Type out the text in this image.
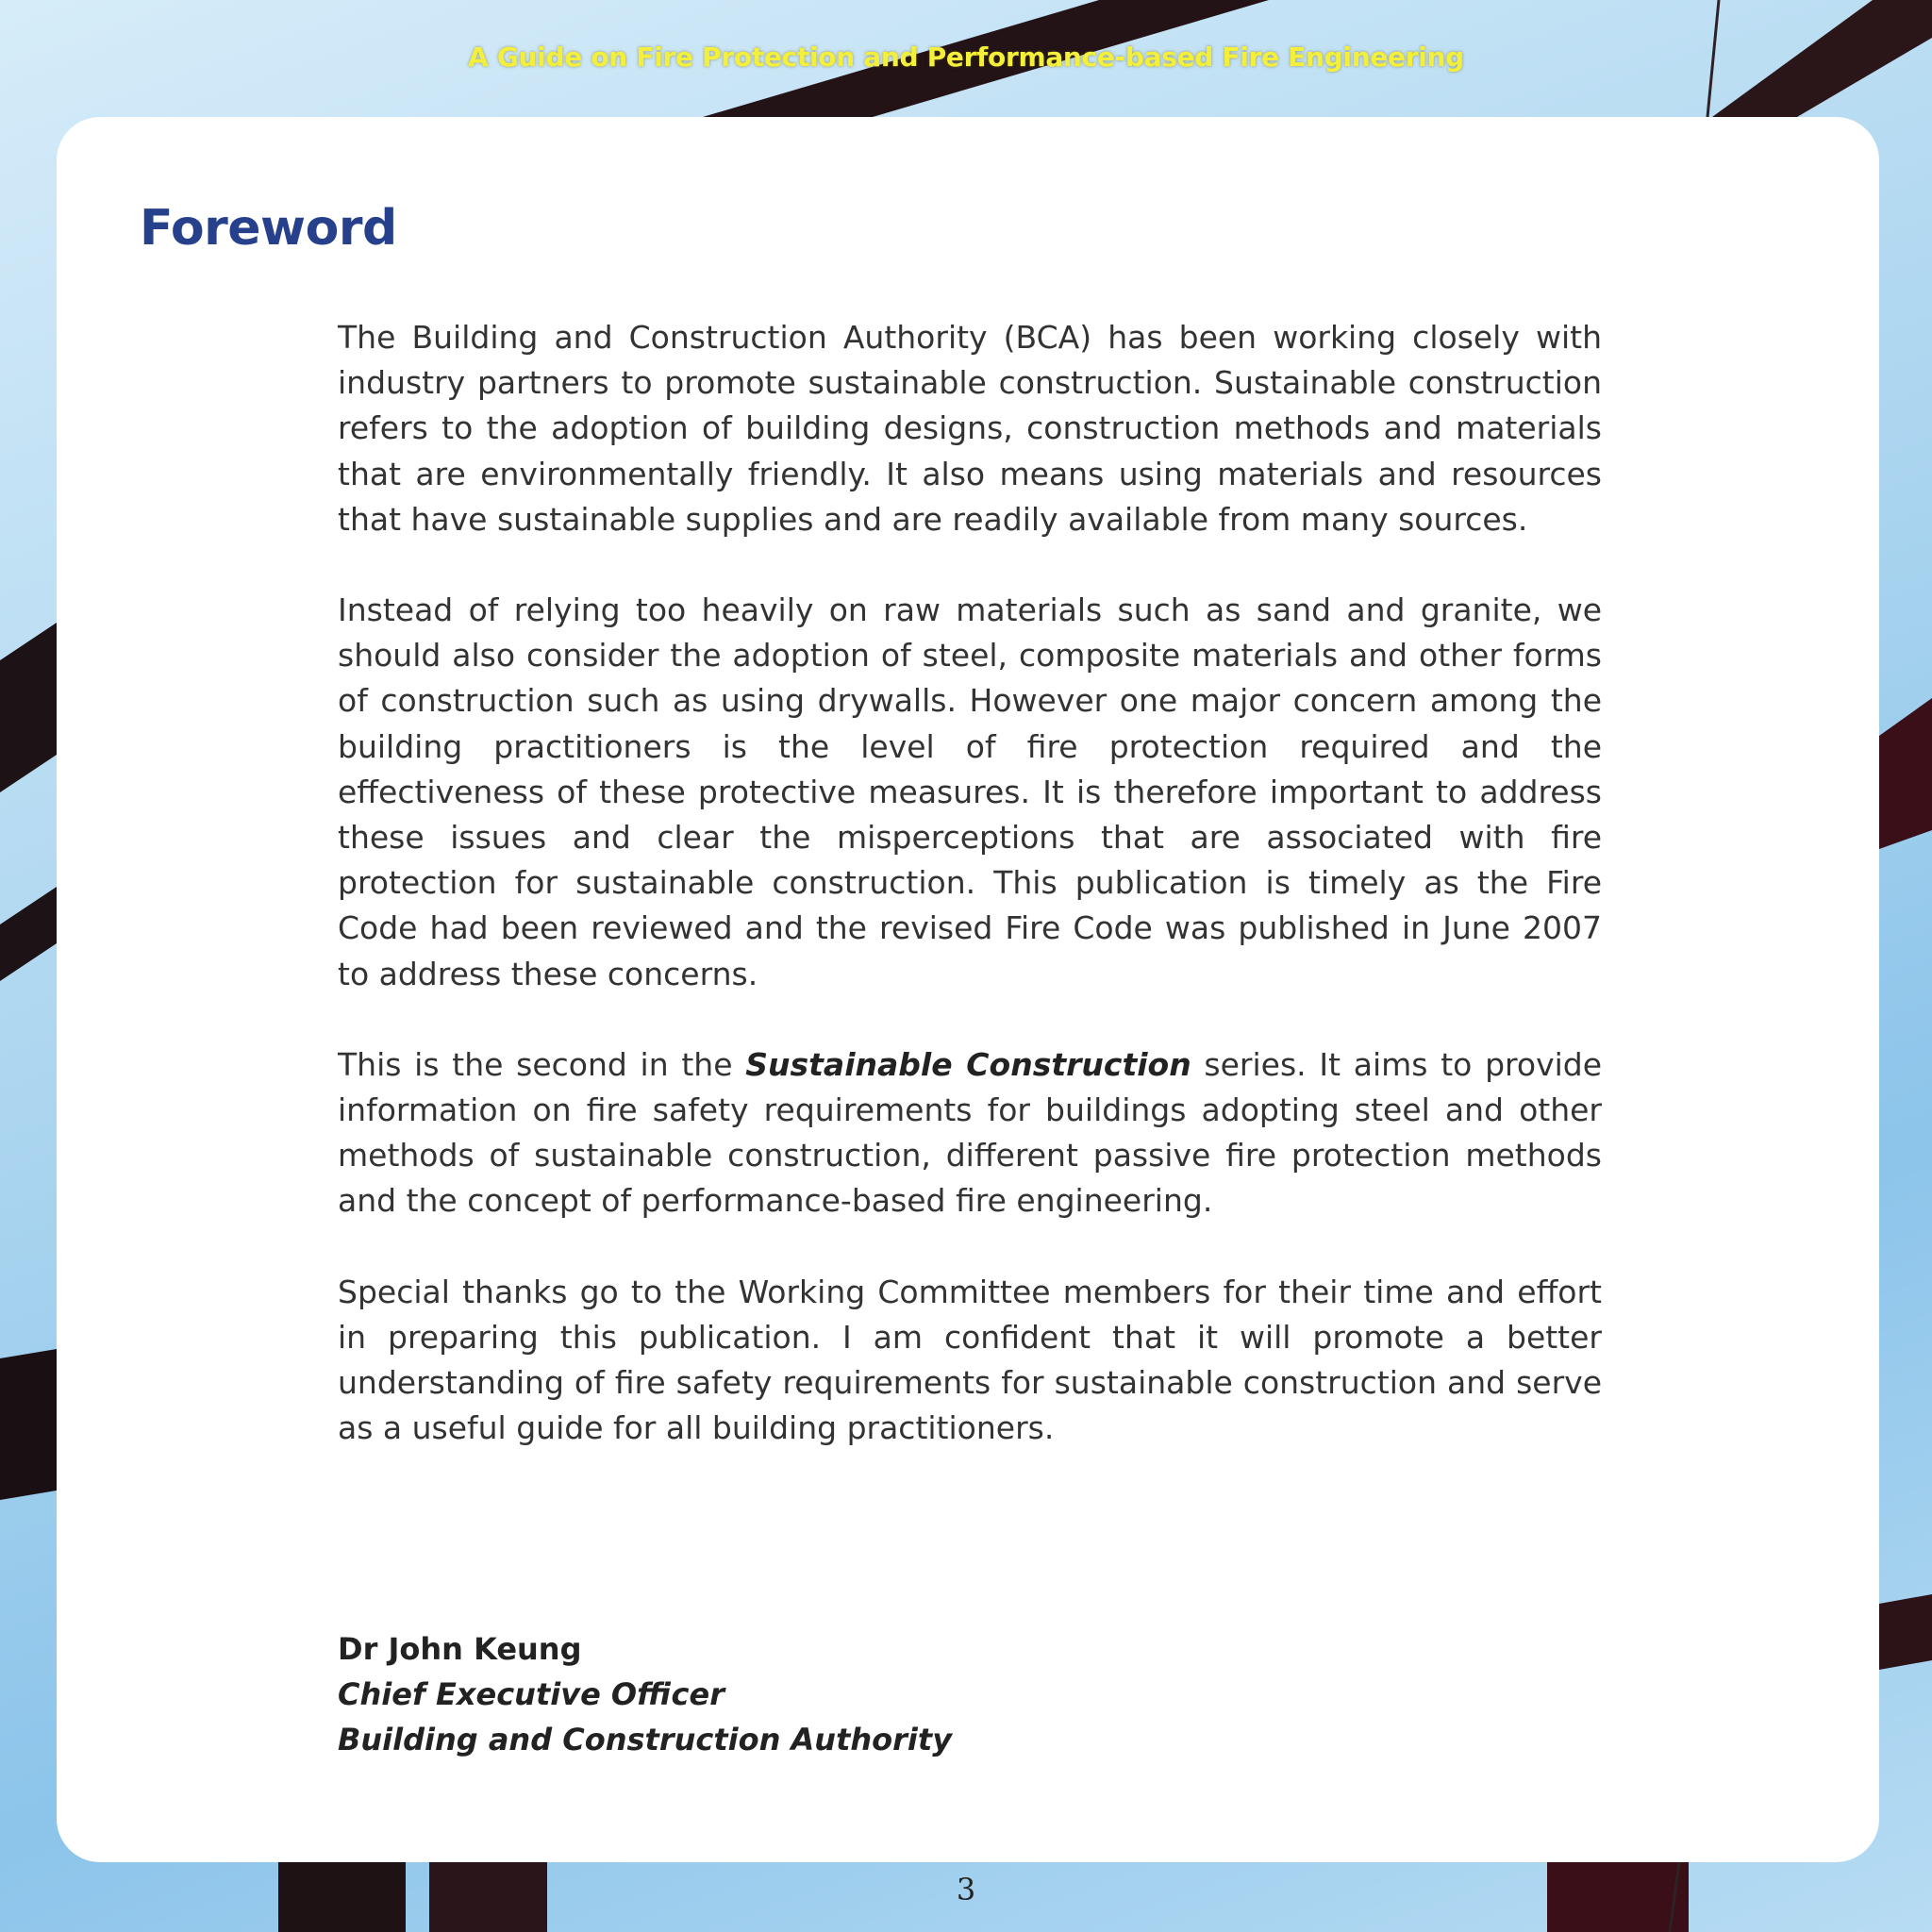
A Guide on Fire Protection and Performance-based Fire Engineering
Foreword

The Building and Construction Authority (BCA) has been working closely with industry partners to promote sustainable construction. Sustainable construction refers to the adoption of building designs, construction methods and materials that are environmentally friendly. It also means using materials and resources that have sustainable supplies and are readily available from many sources.

Instead of relying too heavily on raw materials such as sand and granite, we should also consider the adoption of steel, composite materials and other forms of construction such as using drywalls. However one major concern among the building practitioners is the level of fire protection required and the effectiveness of these protective measures. It is therefore important to address these issues and clear the misperceptions that are associated with fire protection for sustainable construction. This publication is timely as the Fire Code had been reviewed and the revised Fire Code was published in June 2007 to address these concerns.

This is the second in the Sustainable Construction series. It aims to provide information on fire safety requirements for buildings adopting steel and other methods of sustainable construction, different passive fire protection methods and the concept of performance-based fire engineering.

Special thanks go to the Working Committee members for their time and effort in preparing this publication. I am confident that it will promote a better understanding of fire safety requirements for sustainable construction and serve as a useful guide for all building practitioners.

Dr John Keung
Chief Executive Officer
Building and Construction Authority
3
